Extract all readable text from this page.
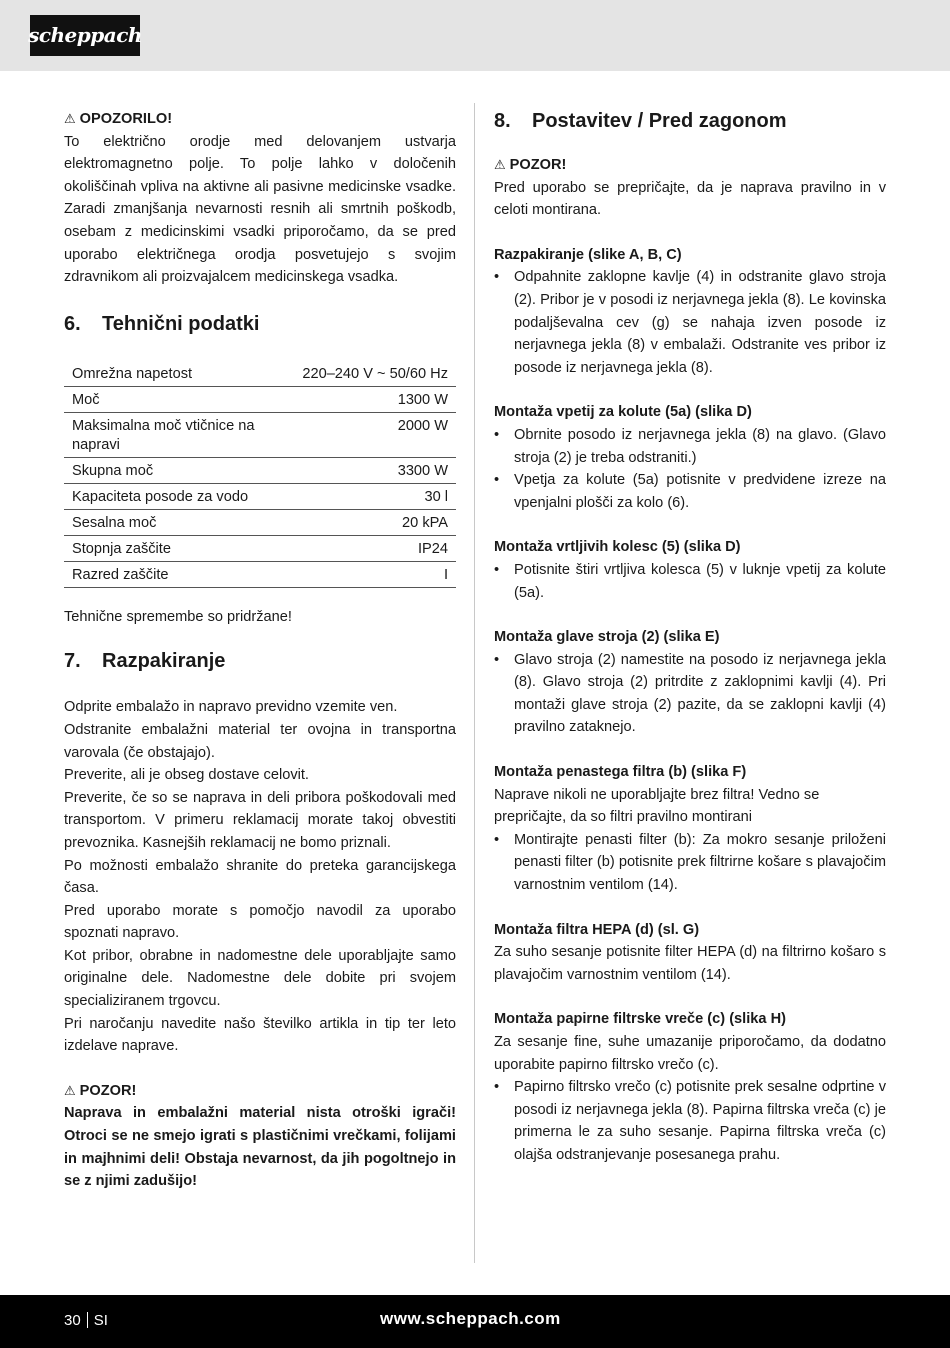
scheppach

⚠ OPOZORILO!

To električno orodje med delovanjem ustvarja elektromagnetno polje. To polje lahko v določenih okoliščinah vpliva na aktivne ali pasivne medicinske vsadke. Zaradi zmanjšanja nevarnosti resnih ali smrtnih poškodb, osebam z medicinskimi vsadki priporočamo, da se pred uporabo električnega orodja posvetujejo s svojim zdravnikom ali proizvajalcem medicinskega vsadka.

6.	Tehnični podatki
Omrežna napetost	220–240 V ~ 50/60 Hz
Moč	1300 W
Maksimalna moč vtičnice na napravi	2000 W
Skupna moč	3300 W
Kapaciteta posode za vodo	30 l
Sesalna moč	20 kPA
Stopnja zaščite	IP24
Razred zaščite	I

Tehnične spremembe so pridržane!

7.	Razpakiranje

Odprite embalažo in napravo previdno vzemite ven.

Odstranite embalažni material ter ovojna in transportna varovala (če obstajajo).

Preverite, ali je obseg dostave celovit.

Preverite, če so se naprava in deli pribora poškodovali med transportom. V primeru reklamacij morate takoj obvestiti prevoznika. Kasnejših reklamacij ne bomo priznali.

Po možnosti embalažo shranite do preteka garancijskega časa.

Pred uporabo morate s pomočjo navodil za uporabo spoznati napravo.

Kot pribor, obrabne in nadomestne dele uporabljajte samo originalne dele. Nadomestne dele dobite pri svojem specializiranem trgovcu.

Pri naročanju navedite našo številko artikla in tip ter leto izdelave naprave.

⚠ POZOR!

Naprava in embalažni material nista otroški igrači! Otroci se ne smejo igrati s plastičnimi vrečkami, folijami in majhnimi deli! Obstaja nevarnost, da jih pogoltnejo in se z njimi zadušijo!

8.	Postavitev / Pred zagonom

⚠ POZOR!

Pred uporabo se prepričajte, da je naprava pravilno in v celoti montirana.

Razpakiranje (slike A, B, C)

• Odpahnite zaklopne kavlje (4) in odstranite glavo stroja (2). Pribor je v posodi iz nerjavnega jekla (8). Le kovinska podaljševalna cev (g) se nahaja izven posode iz nerjavnega jekla (8) v embalaži. Odstranite ves pribor iz posode iz nerjavnega jekla (8).

Montaža vpetij za kolute (5a) (slika D)

• Obrnite posodo iz nerjavnega jekla (8) na glavo. (Glavo stroja (2) je treba odstraniti.)
• Vpetja za kolute (5a) potisnite v predvidene izreze na vpenjalni plošči za kolo (6).

Montaža vrtljivih kolesc (5) (slika D)

• Potisnite štiri vrtljiva kolesca (5) v luknje vpetij za kolute (5a).

Montaža glave stroja (2) (slika E)

• Glavo stroja (2) namestite na posodo iz nerjavnega jekla (8). Glavo stroja (2) pritrdite z zaklopnimi kavlji (4). Pri montaži glave stroja (2) pazite, da se zaklopni kavlji (4) pravilno zataknejo.

Montaža penastega filtra (b) (slika F)

Naprave nikoli ne uporabljajte brez filtra! Vedno se prepričajte, da so filtri pravilno montirani

• Montirajte penasti filter (b): Za mokro sesanje priloženi penasti filter (b) potisnite prek filtrirne košare s plavajočim varnostnim ventilom (14).

Montaža filtra HEPA (d) (sl. G)

Za suho sesanje potisnite filter HEPA (d) na filtrirno košaro s plavajočim varnostnim ventilom (14).

Montaža papirne filtrske vreče (c) (slika H)

Za sesanje fine, suhe umazanije priporočamo, da dodatno uporabite papirno filtrsko vrečo (c).

• Papirno filtrsko vrečo (c) potisnite prek sesalne odprtine v posodi iz nerjavnega jekla (8). Papirna filtrska vreča (c) je primerna le za suho sesanje. Papirna filtrska vreča (c) olajša odstranjevanje posesanega prahu.
30 SI	www.scheppach.com
